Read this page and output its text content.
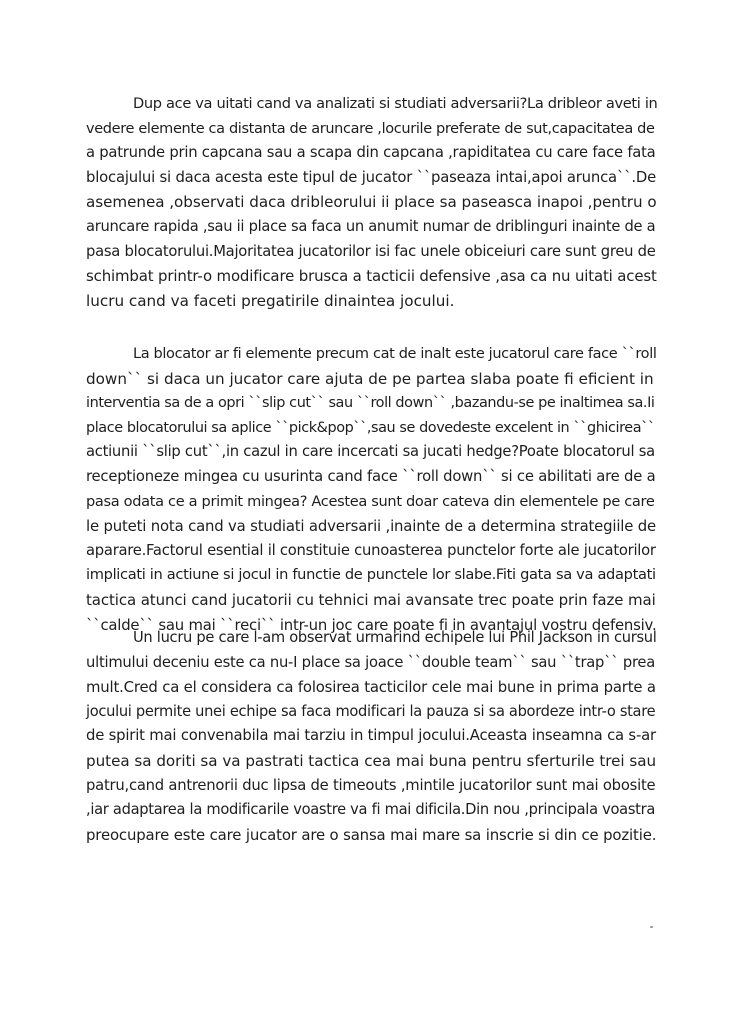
Dup ace va uitati cand va analizati si studiati adversarii?La dribleor aveti in
vedere elemente ca distanta de aruncare ,locurile preferate de sut,capacitatea de
a patrunde prin capcana sau a scapa din capcana ,rapiditatea cu care face fata
blocajului si daca acesta este tipul de jucator ``paseaza intai,apoi arunca``.De
asemenea ,observati daca dribleorului ii place sa paseasca inapoi ,pentru o
aruncare rapida ,sau ii place sa faca un anumit numar de driblinguri inainte de a
pasa blocatorului.Majoritatea jucatorilor isi fac unele obiceiuri care sunt greu de
schimbat printr-o modificare brusca a tacticii defensive ,asa ca nu uitati acest
lucru cand va faceti pregatirile dinaintea jocului.

La blocator ar fi elemente precum cat de inalt este jucatorul care face ``roll
down`` si daca un jucator care ajuta de pe partea slaba poate fi eficient in
interventia sa de a opri ``slip cut`` sau ``roll down`` ,bazandu-se pe inaltimea sa.Ii
place blocatorului sa aplice ``pick&pop``,sau se dovedeste excelent in ``ghicirea``
actiunii ``slip cut``,in cazul in care incercati sa jucati hedge?Poate blocatorul sa
receptioneze mingea cu usurinta cand face ``roll down`` si ce abilitati are de a
pasa odata ce a primit mingea? Acestea sunt doar cateva din elementele pe care
le puteti nota cand va studiati adversarii ,inainte de a determina strategiile de
aparare.Factorul esential il constituie cunoasterea punctelor forte ale jucatorilor
implicati in actiune si jocul in functie de punctele lor slabe.Fiti gata sa va adaptati
tactica atunci cand jucatorii cu tehnici mai avansate trec poate prin faze mai
``calde`` sau mai ``reci`` intr-un joc care poate fi in avantajul vostru defensiv.

Un lucru pe care l-am observat urmarind echipele lui Phil Jackson in cursul
ultimului deceniu este ca nu-I place sa joace ``double team`` sau ``trap`` prea
mult.Cred ca el considera ca folosirea tacticilor cele mai bune in prima parte a
jocului permite unei echipe sa faca modificari la pauza si sa abordeze intr-o stare
de spirit mai convenabila mai tarziu in timpul jocului.Aceasta inseamna ca s-ar
putea sa doriti sa va pastrati tactica cea mai buna pentru sferturile trei sau
patru,cand antrenorii duc lipsa de timeouts ,mintile jucatorilor sunt mai obosite
,iar adaptarea la modificarile voastre va fi mai dificila.Din nou ,principala voastra
preocupare este care jucator are o sansa mai mare sa inscrie si din ce pozitie.
